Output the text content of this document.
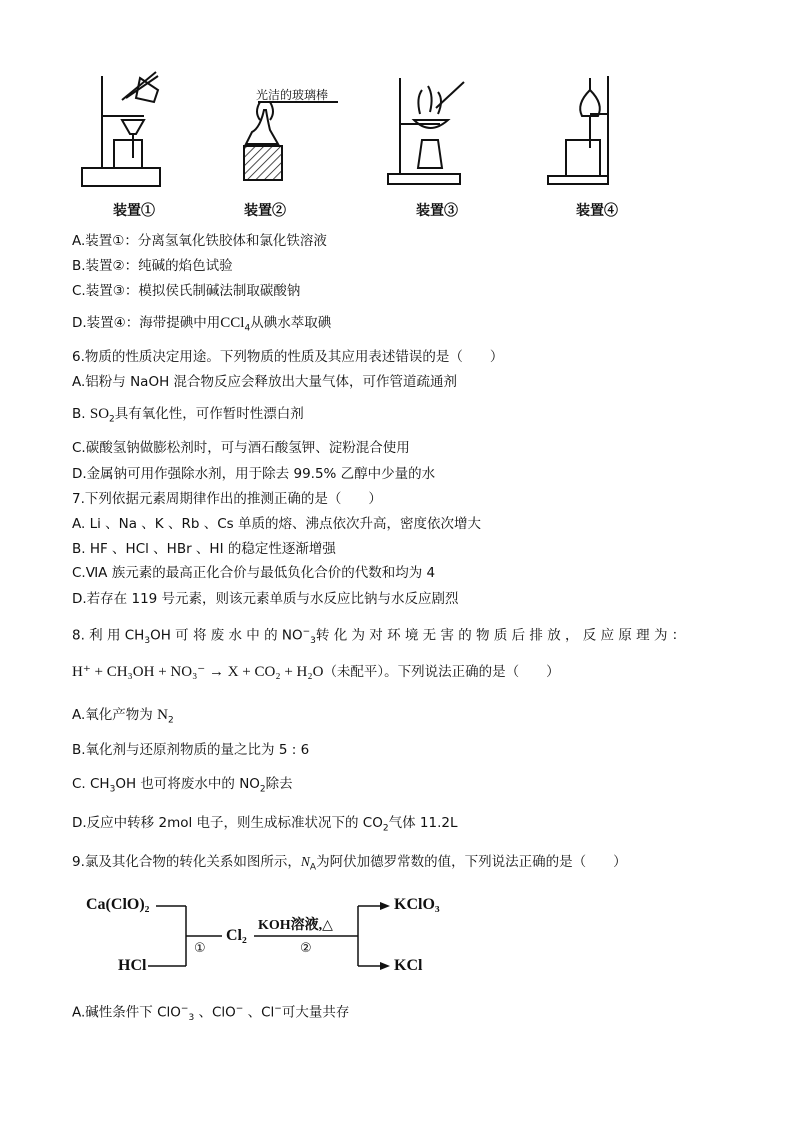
光洁的玻璃棒
装置①	装置②	装置③	装置④
A.装置①：分离氢氧化铁胶体和氯化铁溶液
B.装置②：纯碱的焰色试验
C.装置③：模拟侯氏制碱法制取碳酸钠
D.装置④：海带提碘中用CCl$_4$从碘水萃取碘
6.物质的性质决定用途。下列物质的性质及其应用表述错误的是（　　）
A.铝粉与 NaOH 混合物反应会释放出大量气体，可作管道疏通剂
B. $SO_2$具有氧化性，可作暂时性漂白剂
C.碳酸氢钠做膨松剂时，可与酒石酸氢钾、淀粉混合使用
D.金属钠可用作强除水剂，用于除去 99.5% 乙醇中少量的水
7.下列依据元素周期律作出的推测正确的是（　　）
A. Li 、Na 、K 、Rb 、Cs 单质的熔、沸点依次升高，密度依次增大
B. HF 、HCl 、HBr 、HI 的稳定性逐渐增强
C.ⅥA 族元素的最高正化合价与最低负化合价的代数和均为 4
D.若存在 119 号元素，则该元素单质与水反应比钠与水反应剧烈
8. 利 用 $CH_3OH$ 可 将 废 水 中 的 $NO^-_3$转 化 为 对 环 境 无 害 的 物 质 后 排 放 ， 反 应 原 理 为 ：
H⁺ + CH₃OH + NO₃⁻ → X + CO₂ + H₂O（未配平）。下列说法正确的是（　　）
A.氧化产物为 $N_2$
B.氧化剂与还原剂物质的量之比为 5 : 6
C. $CH_3OH$ 也可将废水中的 $NO_2$除去
D.反应中转移 2mol 电子，则生成标准状况下的 $CO_2$气体 11.2L
9.氯及其化合物的转化关系如图所示，$N_A$为阿伏加德罗常数的值，下列说法正确的是（　　）
Ca(ClO)₂
HCl
①
Cl₂
KOH溶液,△
②
KClO₃
KCl
A.碱性条件下 ClO−$_3$ 、ClO− 、Cl−可大量共存
